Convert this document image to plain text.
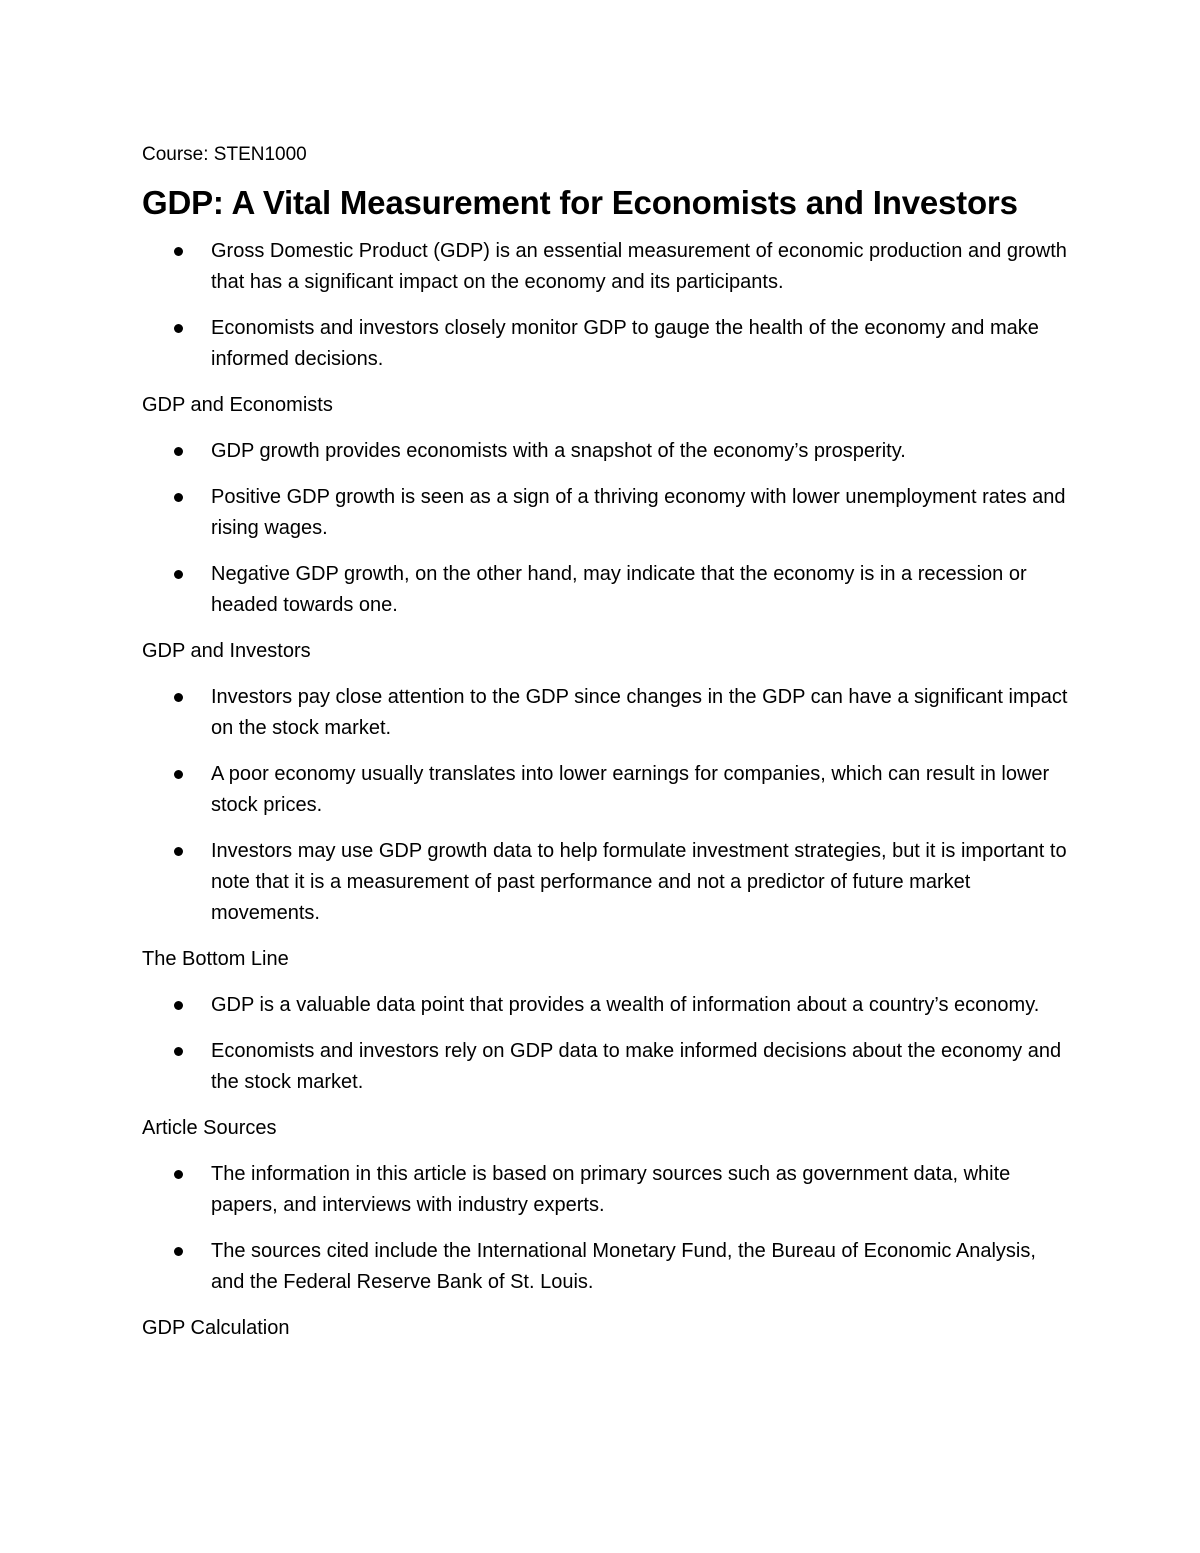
Course: STEN1000
GDP: A Vital Measurement for Economists and Investors
Gross Domestic Product (GDP) is an essential measurement of economic production and growth that has a significant impact on the economy and its participants.
Economists and investors closely monitor GDP to gauge the health of the economy and make informed decisions.
GDP and Economists
GDP growth provides economists with a snapshot of the economy’s prosperity.
Positive GDP growth is seen as a sign of a thriving economy with lower unemployment rates and rising wages.
Negative GDP growth, on the other hand, may indicate that the economy is in a recession or headed towards one.
GDP and Investors
Investors pay close attention to the GDP since changes in the GDP can have a significant impact on the stock market.
A poor economy usually translates into lower earnings for companies, which can result in lower stock prices.
Investors may use GDP growth data to help formulate investment strategies, but it is important to note that it is a measurement of past performance and not a predictor of future market movements.
The Bottom Line
GDP is a valuable data point that provides a wealth of information about a country’s economy.
Economists and investors rely on GDP data to make informed decisions about the economy and the stock market.
Article Sources
The information in this article is based on primary sources such as government data, white papers, and interviews with industry experts.
The sources cited include the International Monetary Fund, the Bureau of Economic Analysis, and the Federal Reserve Bank of St. Louis.
GDP Calculation
